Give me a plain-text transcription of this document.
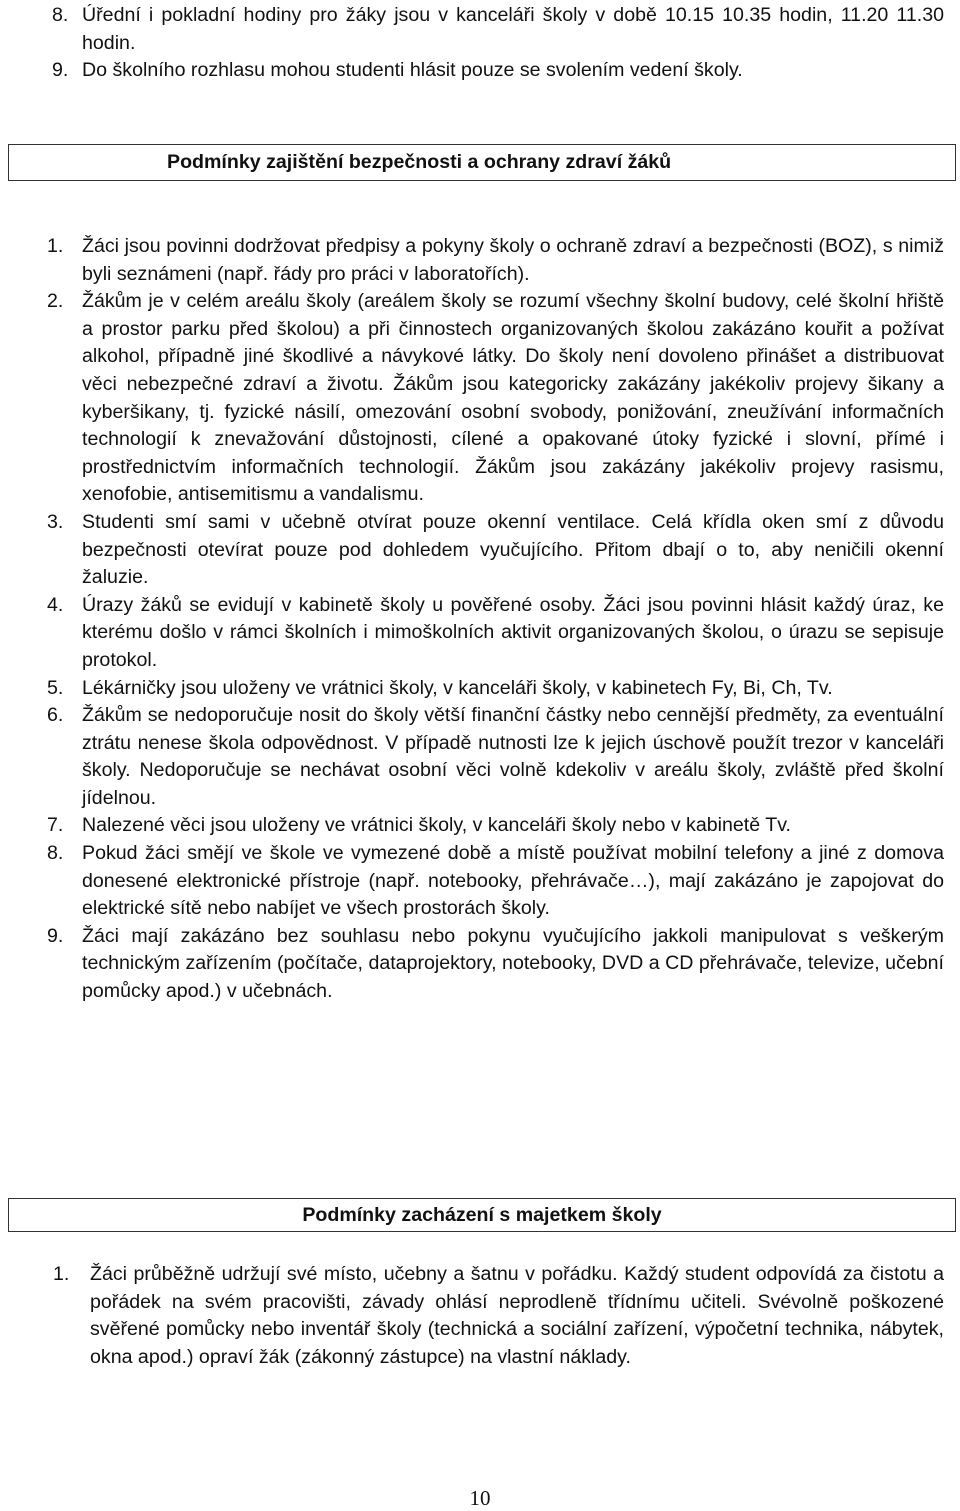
8. Úřední i pokladní hodiny pro žáky jsou v kanceláři školy v době 10.15 10.35 hodin, 11.20 11.30 hodin.
9. Do školního rozhlasu mohou studenti hlásit pouze se svolením vedení školy.
Podmínky zajištění bezpečnosti a ochrany zdraví žáků
1. Žáci jsou povinni dodržovat předpisy a pokyny školy o ochraně zdraví a bezpečnosti (BOZ), s nimiž byli seznámeni (např. řády pro práci v laboratořích).
2. Žákům je v celém areálu školy (areálem školy se rozumí všechny školní budovy, celé školní hřiště a prostor parku před školou) a při činnostech organizovaných školou zakázáno kouřit a požívat alkohol, případně jiné škodlivé a návykové látky. Do školy není dovoleno přinášet a distribuovat věci nebezpečné zdraví a životu. Žákům jsou kategoricky zakázány jakékoliv projevy šikany a kyberšikany, tj. fyzické násilí, omezování osobní svobody, ponižování, zneužívání informačních technologií k znevažování důstojnosti, cílené a opakované útoky fyzické i slovní, přímé i prostřednictvím informačních technologií. Žákům jsou zakázány jakékoliv projevy rasismu, xenofobie, antisemitismu a vandalismu.
3. Studenti smí sami v učebně otvírat pouze okenní ventilace. Celá křídla oken smí z důvodu bezpečnosti otevírat pouze pod dohledem vyučujícího. Přitom dbají o to, aby neničili okenní žaluzie.
4. Úrazy žáků se evidují v kabinetě školy u pověřené osoby. Žáci jsou povinni hlásit každý úraz, ke kterému došlo v rámci školních i mimoškolních aktivit organizovaných školou, o úrazu se sepisuje protokol.
5. Lékárničky jsou uloženy ve vrátnici školy, v kanceláři školy, v kabinetech Fy, Bi, Ch, Tv.
6. Žákům se nedoporučuje nosit do školy větší finanční částky nebo cennější předměty, za eventuální ztrátu nenese škola odpovědnost. V případě nutnosti lze k jejich úschově použít trezor v kanceláři školy. Nedoporučuje se nechávat osobní věci volně kdekoliv v areálu školy, zvláště před školní jídelnou.
7. Nalezené věci jsou uloženy ve vrátnici školy, v kanceláři školy nebo v kabinetě Tv.
8. Pokud žáci smějí ve škole ve vymezené době a místě používat mobilní telefony a jiné z domova donesené elektronické přístroje (např. notebooky, přehrávače…), mají zakázáno je zapojovat do elektrické sítě nebo nabíjet ve všech prostorách školy.
9. Žáci mají zakázáno bez souhlasu nebo pokynu vyučujícího jakkoli manipulovat s veškerým technickým zařízením (počítače, dataprojektory, notebooky, DVD a CD přehrávače, televize, učební pomůcky apod.) v učebnách.
Podmínky zacházení s majetkem školy
1. Žáci průběžně udržují své místo, učebny a šatnu v pořádku. Každý student odpovídá za čistotu a pořádek na svém pracovišti, závady ohlásí neprodleně třídnímu učiteli. Svévolně poškozené svěřené pomůcky nebo inventář školy (technická a sociální zařízení, výpočetní technika, nábytek, okna apod.) opraví žák (zákonný zástupce) na vlastní náklady.
10
